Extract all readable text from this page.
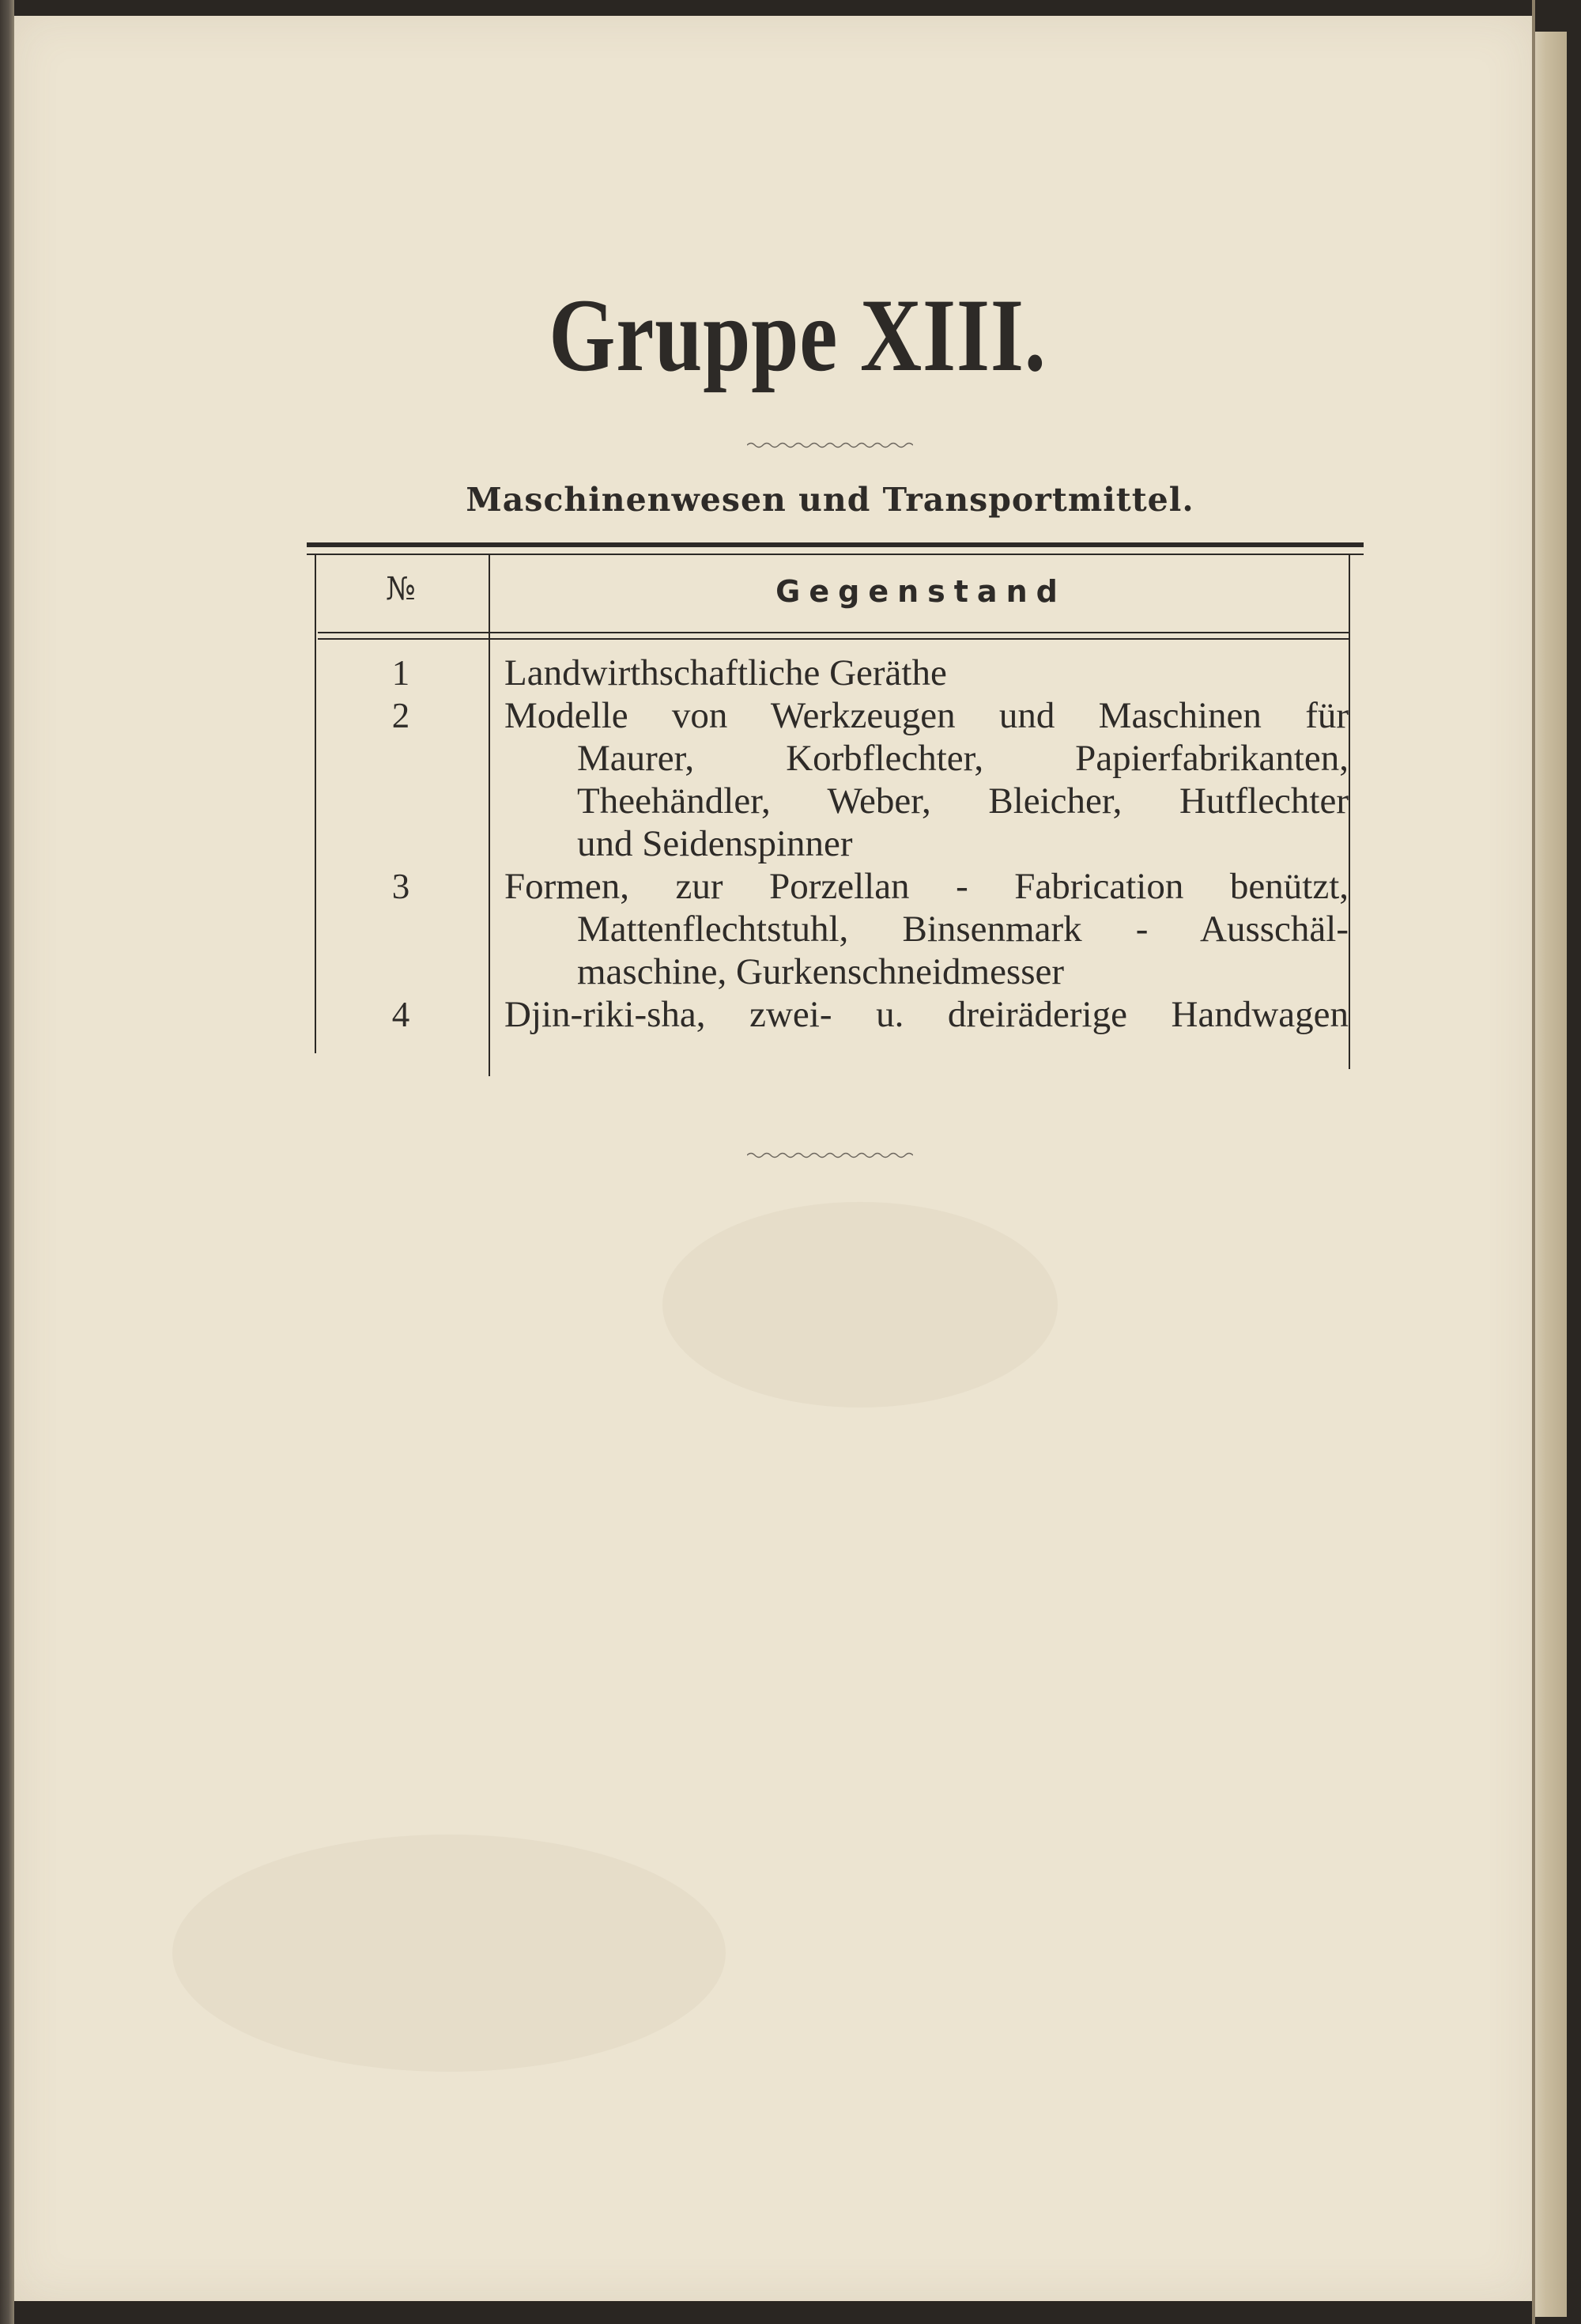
Gruppe XIII.
Maschinenwesen und Transportmittel.
№	Gegenstand
1	Landwirthschaftliche Geräthe
2	Modelle von Werkzeugen und Maschinen für
Maurer, Korbflechter, Papierfabrikanten,
Theehändler, Weber, Bleicher, Hutflechter
und Seidenspinner
3	Formen, zur Porzellan - Fabrication benützt,
Mattenflechtstuhl, Binsenmark - Ausschäl-
maschine, Gurkenschneidmesser
4	Djin-riki-sha, zwei- u. dreiräderige Handwagen
